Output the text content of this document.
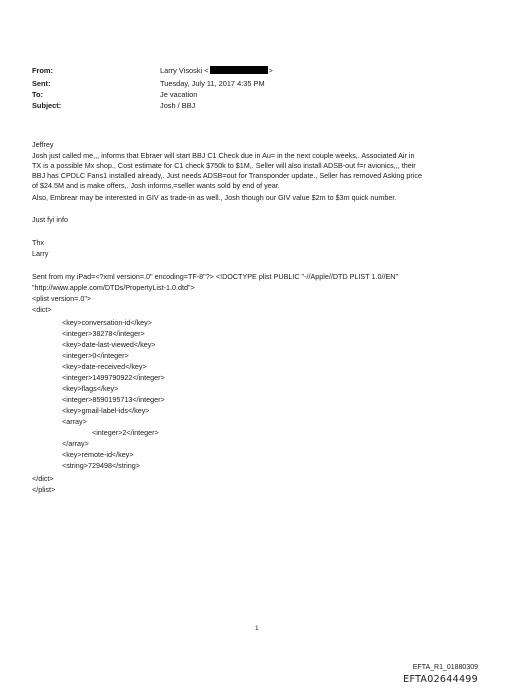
From:	Larry Visoski <	>
Sent:	Tuesday, July 11, 2017 4:35 PM
To:	Je vacation
Subject:	Josh / BBJ
Jeffrey
Josh just called me,,, informs that Ebraer will start BBJ C1 Check due in Au= in the next couple weeks,. Associated Air in
TX is a possible Mx shop., Cost estimate for C1 check $750k to $1M,. Seller will also install ADSB-out f=r avionics,,, their
BBJ has CPDLC Fans1 installed already,. Just needs ADSB=out for Transponder update., Seller has removed Asking price
of $24.5M and is make offers,. Josh informs,=seller wants sold by end of year.
Also, Embrear may be interested in GIV as trade-in as well., Josh though our GIV value $2m to $3m quick number.
Just fyi info
Thx
Larry
Sent from my iPad=<?xml version=.0" encoding=TF-8"?> <!DOCTYPE plist PUBLIC "-//Apple//DTD PLIST 1.0//EN"
"http://www.apple.com/DTDs/PropertyList-1.0.dtd">
<plist version=.0">
<dict>
<key>conversation-id</key>
<integer>38278</integer>
<key>date-last-viewed</key>
<integer>0</integer>
<key>date-received</key>
<integer>1499790922</integer>
<key>flags</key>
<integer>8590195713</integer>
<key>gmail-label-ids</key>
<array>
<integer>2</integer>
</array>
<key>remote-id</key>
<string>729498</string>
</dict>
</plist>
1
EFTA_R1_01880309
EFTA02644499
